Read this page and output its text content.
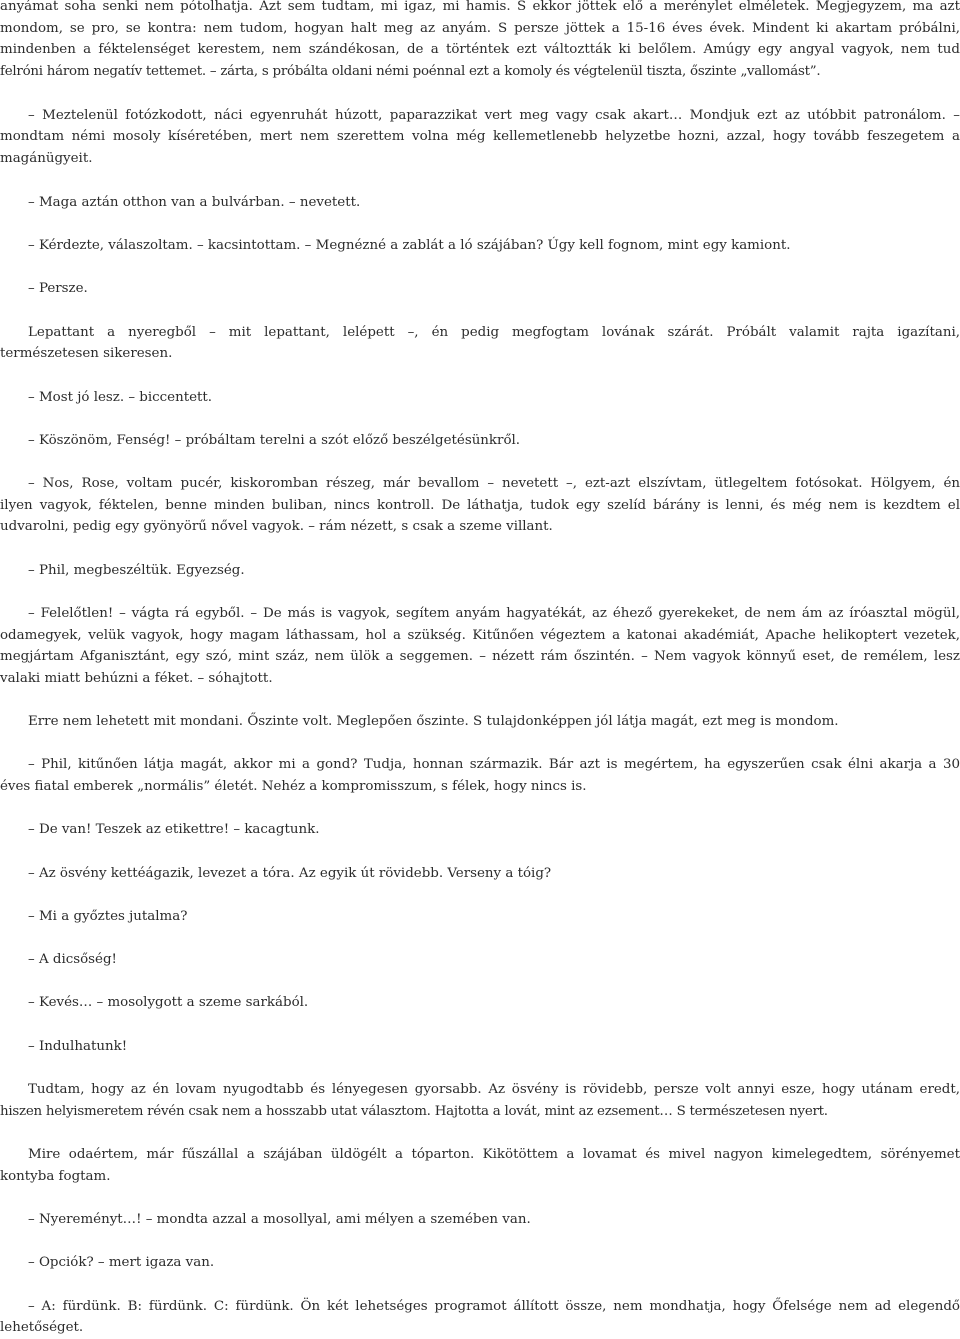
anyámat soha senki nem pótolhatja. Azt sem tudtam, mi igaz, mi hamis. S ekkor jöttek elő a merénylet elméletek. Megjegyzem, ma azt
mondom, se pro, se kontra: nem tudom, hogyan halt meg az anyám. S persze jöttek a 15-16 éves évek. Mindent ki akartam próbálni,
mindenben a féktelenséget kerestem, nem szándékosan, de a történtek ezt változtták ki belőlem. Amúgy egy angyal vagyok, nem tud
felróni három negatív tettemet. – zárta, s próbálta oldani némi poénnal ezt a komoly és végtelenül tiszta, őszinte „vallomást”.
– Meztelenül fotózkodott, náci egyenruhát húzott, paparazzikat vert meg vagy csak akart… Mondjuk ezt az utóbbit patronálom. –
mondtam némi mosoly kíséretében, mert nem szerettem volna még kellemetlenebb helyzetbe hozni, azzal, hogy tovább feszegetem a
magánügyeit.
– Maga aztán otthon van a bulvárban. – nevetett.
– Kérdezte, válaszoltam. – kacsintottam. – Megnézné a zablát a ló szájában? Úgy kell fognom, mint egy kamiont.
– Persze.
Lepattant a nyeregből – mit lepattant, lelépett –, én pedig megfogtam lovának szárát. Próbált valamit rajta igazítani,
természetesen sikeresen.
– Most jó lesz. – biccentett.
– Köszönöm, Fenség! – próbáltam terelni a szót előző beszélgetésünkről.
– Nos, Rose, voltam pucér, kiskoromban részeg, már bevallom – nevetett –, ezt-azt elszívtam, ütlegeltem fotósokat. Hölgyem, én
ilyen vagyok, féktelen, benne minden buliban, nincs kontroll. De láthatja, tudok egy szelíd bárány is lenni, és még nem is kezdtem el
udvarolni, pedig egy gyönyörű nővel vagyok. – rám nézett, s csak a szeme villant.
– Phil, megbeszéltük. Egyezség.
– Felelőtlen! – vágta rá egyből. – De más is vagyok, segítem anyám hagyatékát, az éhező gyerekeket, de nem ám az íróasztal mögül,
odamegyek, velük vagyok, hogy magam láthassam, hol a szükség. Kitűnően végeztem a katonai akadémiát, Apache helikoptert vezetek,
megjártam Afganisztánt, egy szó, mint száz, nem ülök a seggemen. – nézett rám őszintén. – Nem vagyok könnyű eset, de remélem, lesz
valaki miatt behúzni a féket. – sóhajtott.
Erre nem lehetett mit mondani. Őszinte volt. Meglepően őszinte. S tulajdonképpen jól látja magát, ezt meg is mondom.
– Phil, kitűnően látja magát, akkor mi a gond? Tudja, honnan származik. Bár azt is megértem, ha egyszerűen csak élni akarja a 30
éves fiatal emberek „normális” életét. Nehéz a kompromisszum, s félek, hogy nincs is.
– De van! Teszek az etikettre! – kacagtunk.
– Az ösvény kettéágazik, levezet a tóra. Az egyik út rövidebb. Verseny a tóig?
– Mi a győztes jutalma?
– A dicsőség!
– Kevés… – mosolygott a szeme sarkából.
– Indulhatunk!
Tudtam, hogy az én lovam nyugodtabb és lényegesen gyorsabb. Az ösvény is rövidebb, persze volt annyi esze, hogy utánam eredt,
hiszen helyismeretem révén csak nem a hosszabb utat választom. Hajtotta a lovát, mint az ezsement… S természetesen nyert.
Mire odaértem, már fűszállal a szájában üldögélt a tóparton. Kikötöttem a lovamat és mivel nagyon kimelegedtem, sörényemet
kontyba fogtam.
– Nyereményt…! – mondta azzal a mosollyal, ami mélyen a szemében van.
– Opciók? – mert igaza van.
– A: fürdünk. B: fürdünk. C: fürdünk. Ön két lehetséges programot állított össze, nem mondhatja, hogy Őfelsége nem ad elegendő
lehetőséget.
